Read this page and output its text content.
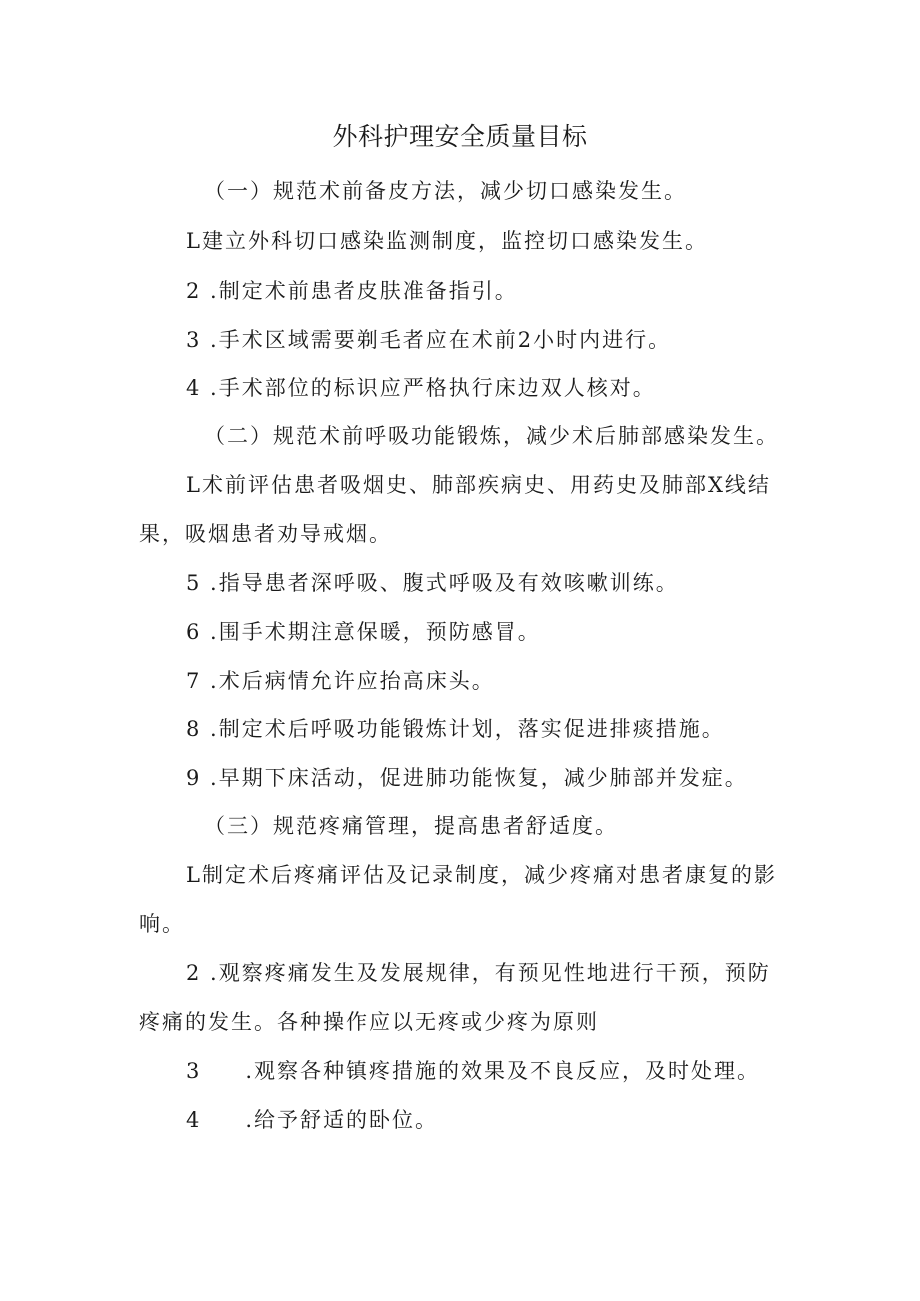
外科护理安全质量目标
（一）规范术前备皮方法，减少切口感染发生。
L建立外科切口感染监测制度，监控切口感染发生。
2 .制定术前患者皮肤准备指引。
3 .手术区域需要剃毛者应在术前2小时内进行。
4 .手术部位的标识应严格执行床边双人核对。
（二）规范术前呼吸功能锻炼，减少术后肺部感染发生。
L术前评估患者吸烟史、肺部疾病史、用药史及肺部X线结
果，吸烟患者劝导戒烟。
5 .指导患者深呼吸、腹式呼吸及有效咳嗽训练。
6 .围手术期注意保暖，预防感冒。
7 .术后病情允许应抬高床头。
8 .制定术后呼吸功能锻炼计划，落实促进排痰措施。
9 .早期下床活动，促进肺功能恢复，减少肺部并发症。
（三）规范疼痛管理，提高患者舒适度。
L制定术后疼痛评估及记录制度，减少疼痛对患者康复的影
响。
2 .观察疼痛发生及发展规律，有预见性地进行干预，预防
疼痛的发生。各种操作应以无疼或少疼为原则
3 .观察各种镇疼措施的效果及不良反应，及时处理。
4 .给予舒适的卧位。
